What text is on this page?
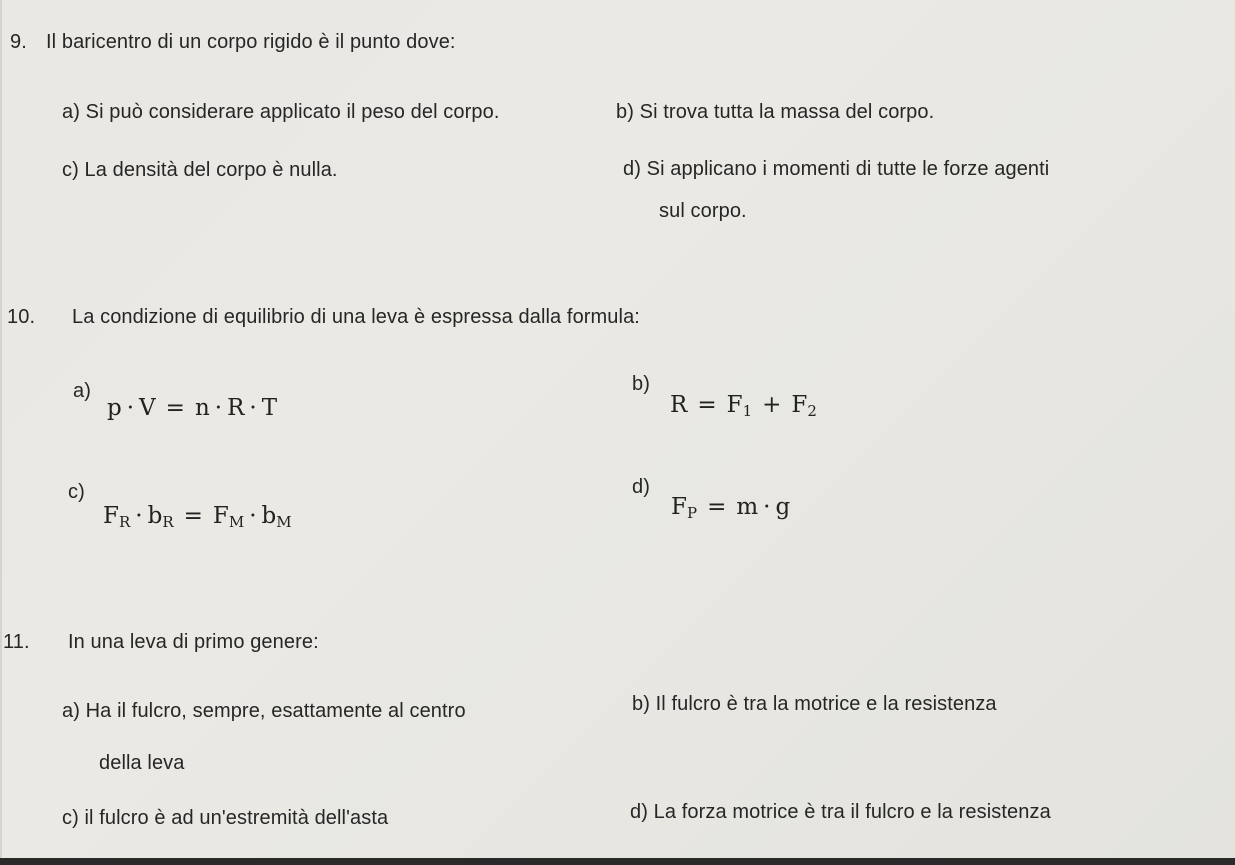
9. Il baricentro di un corpo rigido è il punto dove:
a) Si può considerare applicato il peso del corpo.	b) Si trova tutta la massa del corpo.
c) La densità del corpo è nulla.	d) Si applicano i momenti di tutte le forze agenti
sul corpo.
10. La condizione di equilibrio di una leva è espressa dalla formula:
a)
p · V = n · R · T
b)
$R = F_1 + F_2$
c)
$F_R \cdot b_R = F_M \cdot b_M$
d)
$F_P = m \cdot g$
11. In una leva di primo genere:
a) Ha il fulcro, sempre, esattamente al centro
della leva
b) Il fulcro è tra la motrice e la resistenza
c) il fulcro è ad un'estremità dell'asta	d) La forza motrice è tra il fulcro e la resistenza
